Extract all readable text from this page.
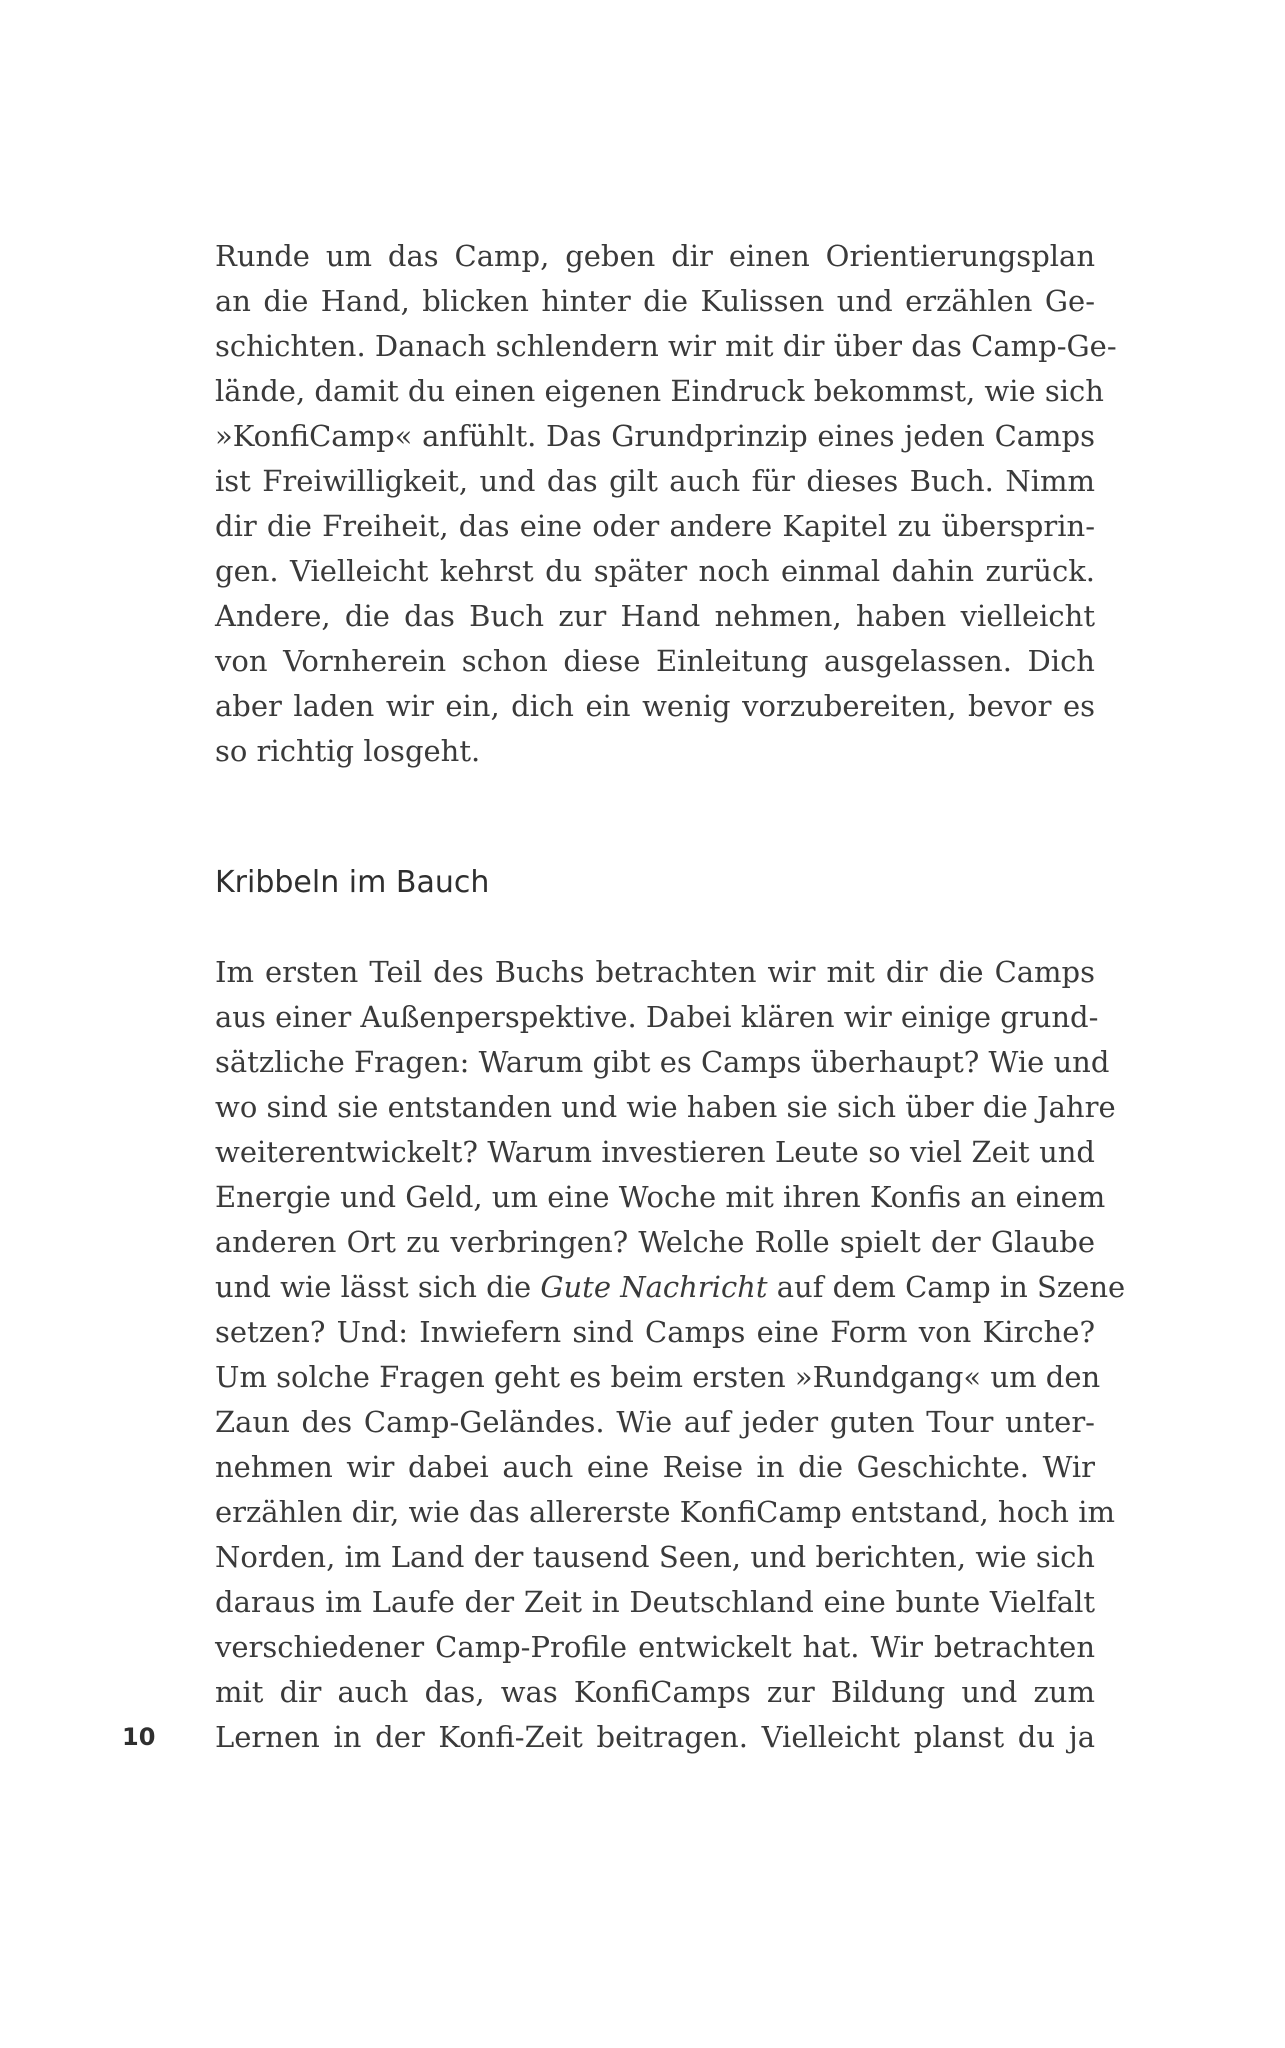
Runde um das Camp, geben dir einen Orientierungsplan
an die Hand, blicken hinter die Kulissen und erzählen Ge-
schichten. Danach schlendern wir mit dir über das Camp-Ge-
lände, damit du einen eigenen Eindruck bekommst, wie sich
»KonfiCamp« anfühlt. Das Grundprinzip eines jeden Camps
ist Freiwilligkeit, und das gilt auch für dieses Buch. Nimm
dir die Freiheit, das eine oder andere Kapitel zu übersprin-
gen. Vielleicht kehrst du später noch einmal dahin zurück.
Andere, die das Buch zur Hand nehmen, haben vielleicht
von Vornherein schon diese Einleitung ausgelassen. Dich
aber laden wir ein, dich ein wenig vorzubereiten, bevor es
so richtig losgeht.
Kribbeln im Bauch
Im ersten Teil des Buchs betrachten wir mit dir die Camps
aus einer Außenperspektive. Dabei klären wir einige grund-
sätzliche Fragen: Warum gibt es Camps überhaupt? Wie und
wo sind sie entstanden und wie haben sie sich über die Jahre
weiterentwickelt? Warum investieren Leute so viel Zeit und
Energie und Geld, um eine Woche mit ihren Konfis an einem
anderen Ort zu verbringen? Welche Rolle spielt der Glaube
und wie lässt sich die Gute Nachricht auf dem Camp in Szene
setzen? Und: Inwiefern sind Camps eine Form von Kirche?
Um solche Fragen geht es beim ersten »Rundgang« um den
Zaun des Camp-Geländes. Wie auf jeder guten Tour unter-
nehmen wir dabei auch eine Reise in die Geschichte. Wir
erzählen dir, wie das allererste KonfiCamp entstand, hoch im
Norden, im Land der tausend Seen, und berichten, wie sich
daraus im Laufe der Zeit in Deutschland eine bunte Vielfalt
verschiedener Camp-Profile entwickelt hat. Wir betrachten
mit dir auch das, was KonfiCamps zur Bildung und zum
Lernen in der Konfi-Zeit beitragen. Vielleicht planst du ja
10
